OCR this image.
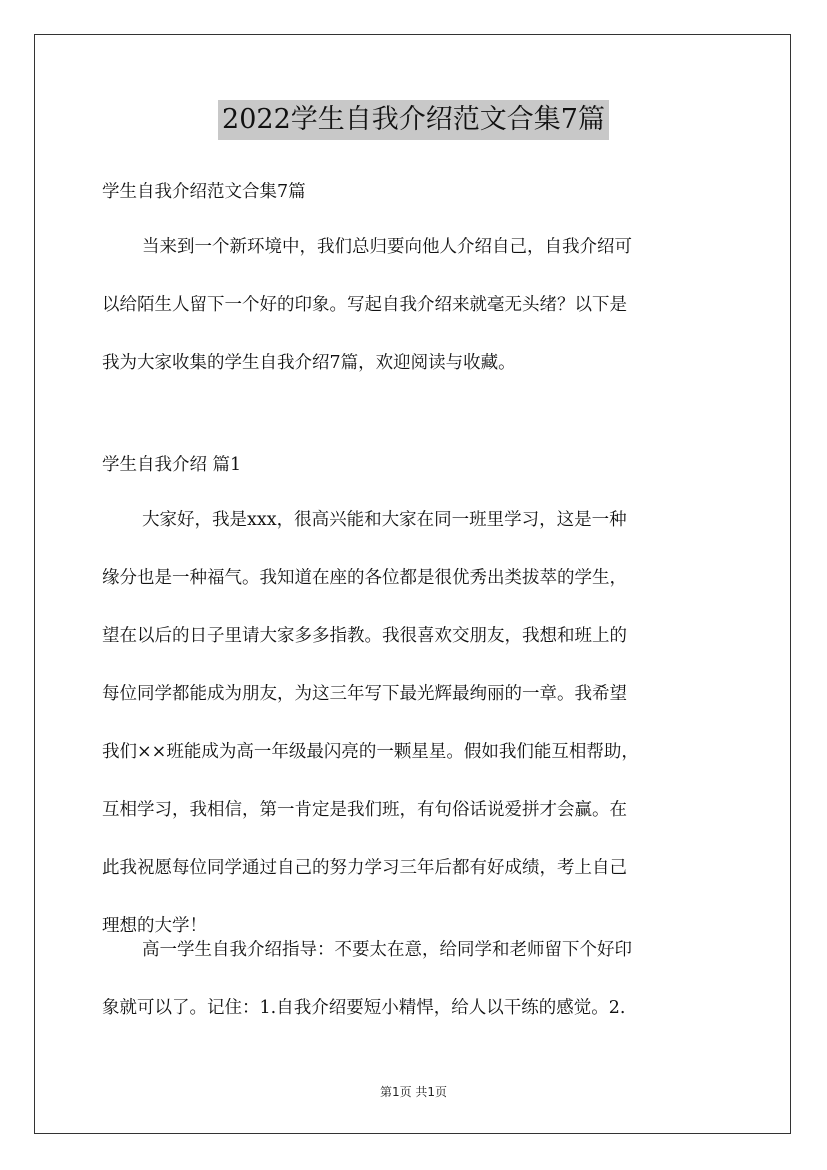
2022学生自我介绍范文合集7篇
学生自我介绍范文合集7篇
当来到一个新环境中，我们总归要向他人介绍自己，自我介绍可
以给陌生人留下一个好的印象。写起自我介绍来就毫无头绪？以下是
我为大家收集的学生自我介绍7篇，欢迎阅读与收藏。
学生自我介绍 篇1
大家好，我是xxx，很高兴能和大家在同一班里学习，这是一种
缘分也是一种福气。我知道在座的各位都是很优秀出类拔萃的学生，
望在以后的日子里请大家多多指教。我很喜欢交朋友，我想和班上的
每位同学都能成为朋友，为这三年写下最光辉最绚丽的一章。我希望
我们××班能成为高一年级最闪亮的一颗星星。假如我们能互相帮助，
互相学习，我相信，第一肯定是我们班，有句俗话说爱拼才会赢。在
此我祝愿每位同学通过自己的努力学习三年后都有好成绩，考上自己
理想的大学！
高一学生自我介绍指导：不要太在意，给同学和老师留下个好印
象就可以了。记住：1.自我介绍要短小精悍，给人以干练的感觉。2.
第1页 共1页
